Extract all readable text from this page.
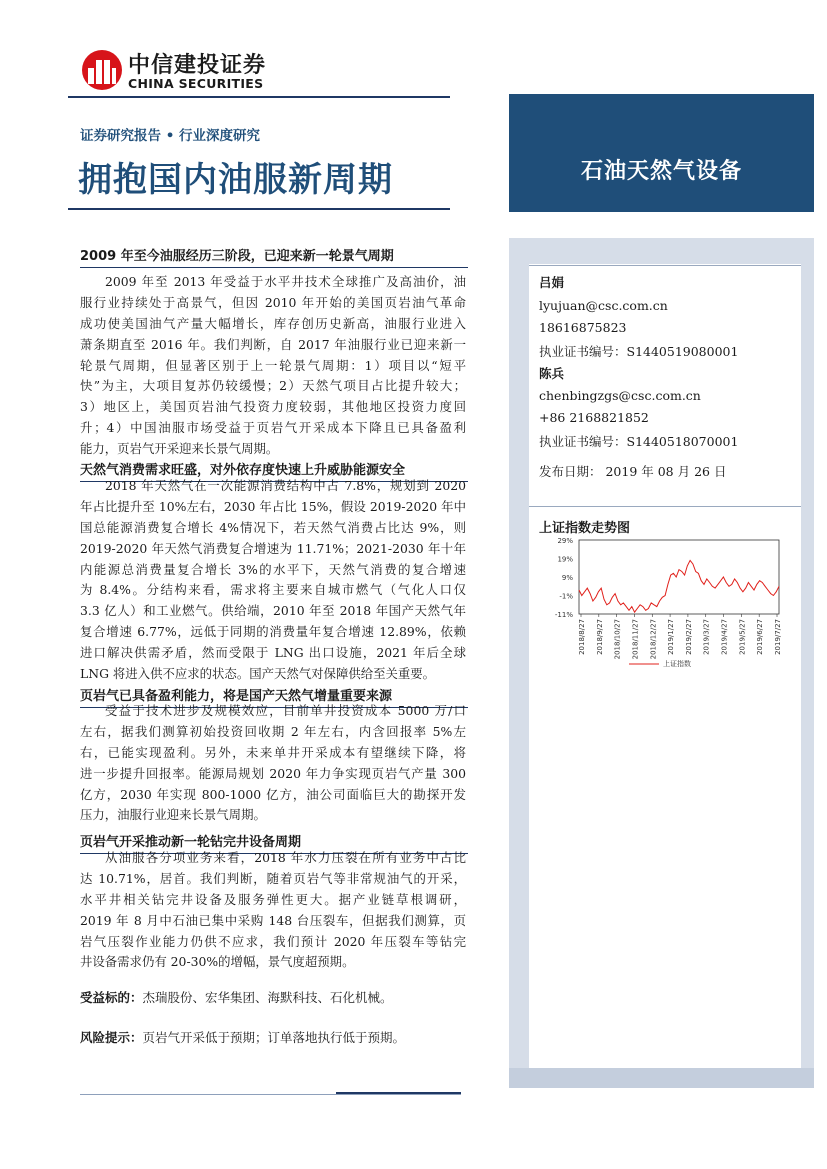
中信建投证券
CHINA SECURITIES
证券研究报告 • 行业深度研究
拥抱国内油服新周期	石油天然气设备
吕娟
lyujuan@csc.com.cn
18616875823
执业证书编号：S1440519080001
陈兵
chenbingzgs@csc.com.cn
+86 2168821852
执业证书编号：S1440518070001
发布日期： 2019 年 08 月 26 日
上证指数走势图
29%
19%
9%
-1%
-11%
2018/8/27 2018/9/27 2018/10/27 2018/11/27 2018/12/27 2019/1/27 2019/2/27 2019/3/27 2019/4/27 2019/5/27 2019/6/27 2019/7/27
上证指数
2009 年至今油服经历三阶段，已迎来新一轮景气周期
2009 年至 2013 年受益于水平井技术全球推广及高油价，油
服行业持续处于高景气，但因 2010 年开始的美国页岩油气革命
成功使美国油气产量大幅增长，库存创历史新高，油服行业进入
萧条期直至 2016 年。我们判断，自 2017 年油服行业已迎来新一
轮景气周期，但显著区别于上一轮景气周期：1）项目以“短平
快”为主，大项目复苏仍较缓慢；2）天然气项目占比提升较大；
3）地区上，美国页岩油气投资力度较弱，其他地区投资力度回
升；4）中国油服市场受益于页岩气开采成本下降且已具备盈利
能力，页岩气开采迎来长景气周期。
天然气消费需求旺盛，对外依存度快速上升威胁能源安全
2018 年天然气在一次能源消费结构中占 7.8%，规划到 2020
年占比提升至 10%左右，2030 年占比 15%，假设 2019-2020 年中
国总能源消费复合增长 4%情况下，若天然气消费占比达 9%，则
2019-2020 年天然气消费复合增速为 11.71%；2021-2030 年十年
内能源总消费量复合增长 3%的水平下，天然气消费的复合增速
为 8.4%。分结构来看，需求将主要来自城市燃气（气化人口仅
3.3 亿人）和工业燃气。供给端，2010 年至 2018 年国产天然气年
复合增速 6.77%，远低于同期的消费量年复合增速 12.89%，依赖
进口解决供需矛盾，然而受限于 LNG 出口设施，2021 年后全球
LNG 将进入供不应求的状态。国产天然气对保障供给至关重要。
页岩气已具备盈利能力，将是国产天然气增量重要来源
受益于技术进步及规模效应，目前单井投资成本 5000 万/口
左右，据我们测算初始投资回收期 2 年左右，内含回报率 5%左
右，已能实现盈利。另外，未来单井开采成本有望继续下降，将
进一步提升回报率。能源局规划 2020 年力争实现页岩气产量 300
亿方，2030 年实现 800-1000 亿方，油公司面临巨大的勘探开发
压力，油服行业迎来长景气周期。
页岩气开采推动新一轮钻完井设备周期
从油服各分项业务来看，2018 年水力压裂在所有业务中占比
达 10.71%，居首。我们判断，随着页岩气等非常规油气的开采，
水平井相关钻完井设备及服务弹性更大。据产业链草根调研，
2019 年 8 月中石油已集中采购 148 台压裂车，但据我们测算，页
岩气压裂作业能力仍供不应求，我们预计 2020 年压裂车等钻完
井设备需求仍有 20-30%的增幅，景气度超预期。
受益标的：杰瑞股份、宏华集团、海默科技、石化机械。
风险提示：页岩气开采低于预期；订单落地执行低于预期。
